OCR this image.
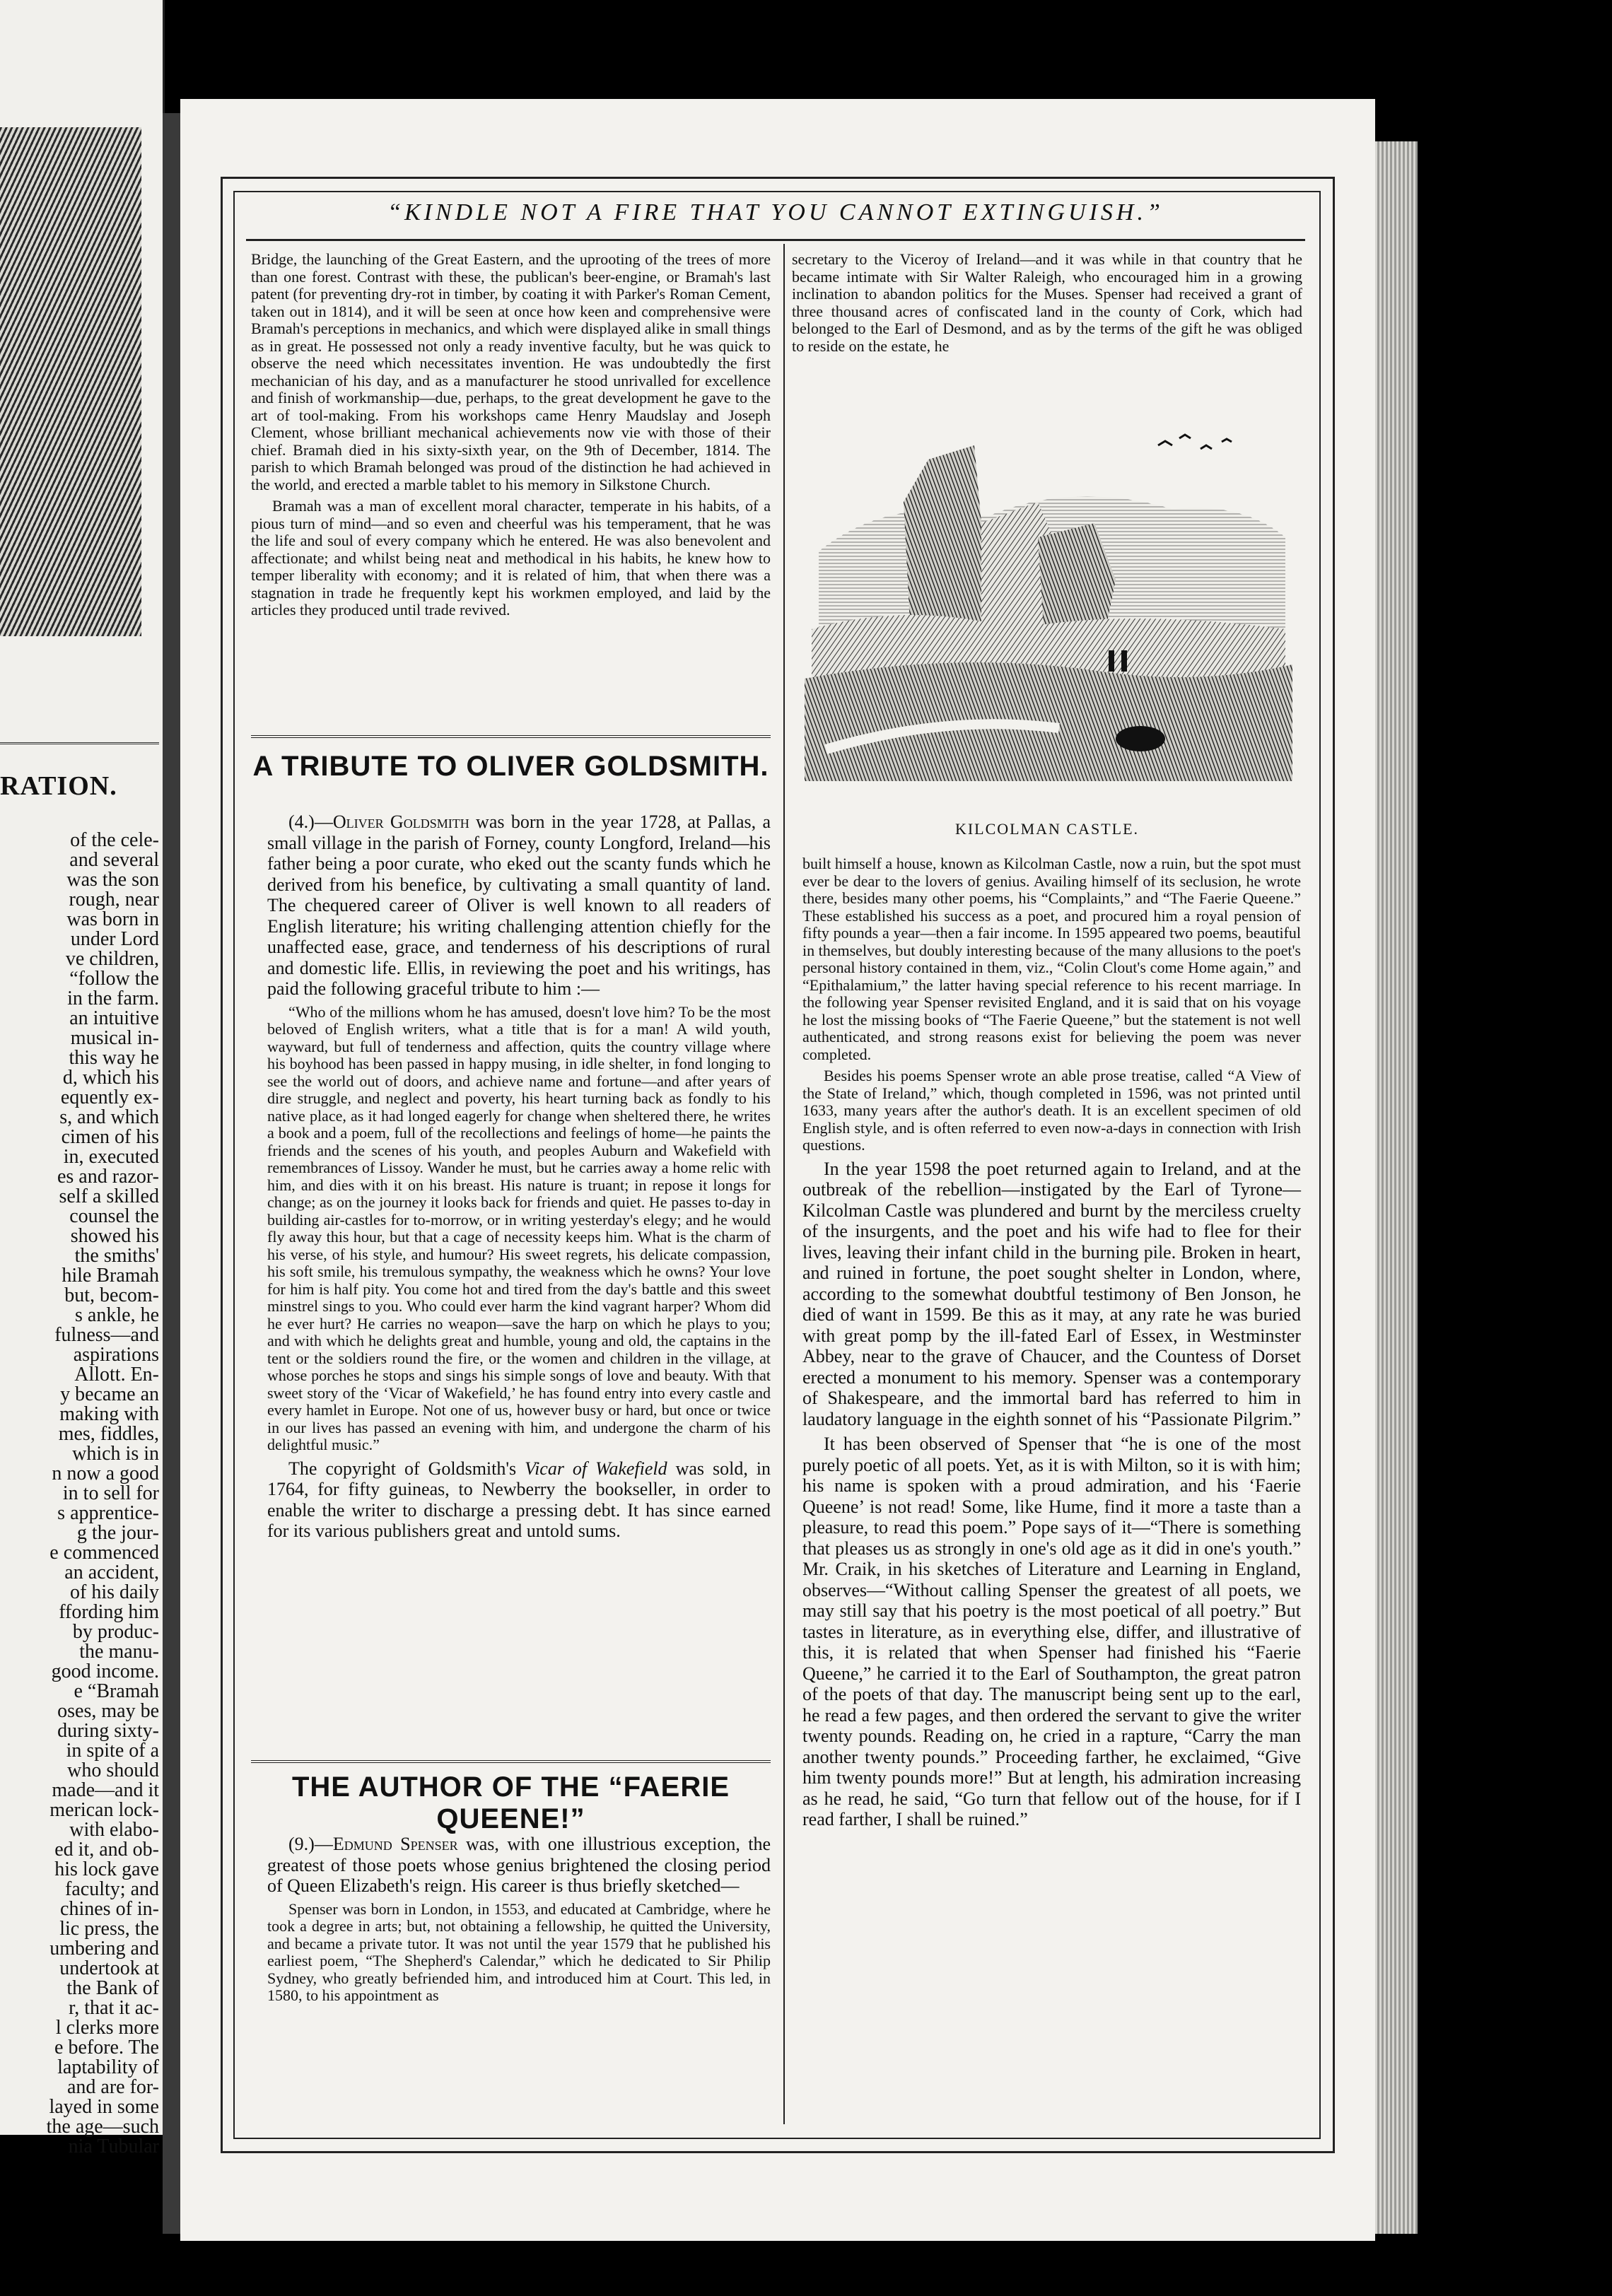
RATION.
of the cele-
and several
was the son
rough, near
was born in
under Lord
ve children,
“follow the
in the farm.
an intuitive
musical in-
this way he
d, which his
equently ex-
s, and which
cimen of his
in, executed
es and razor-
self a skilled
counsel the
showed his
the smiths'
hile Bramah
but, becom-
s ankle, he
fulness—and
aspirations
Allott. En-
y became an
making with
mes, fiddles,
which is in
n now a good
in to sell for
s apprentice-
g the jour-
e commenced
an accident,
of his daily
ffording him
by produc-
the manu-
good income.
e “Bramah
oses, may be
during sixty-
in spite of a
who should
made—and it
merican lock-
with elabo-
ed it, and ob-
his lock gave
faculty; and
chines of in-
lic press, the
umbering and
undertook at
the Bank of
r, that it ac-
l clerks more
e before. The
laptability of
and are for-
layed in some
the age—such
nia Tubular
“KINDLE NOT A FIRE THAT YOU CANNOT EXTINGUISH.”

Bridge, the launching of the Great Eastern, and the uprooting of the trees of more than one forest. Contrast with these, the publican's beer-engine, or Bramah's last patent (for preventing dry-rot in timber, by coating it with Parker's Roman Cement, taken out in 1814), and it will be seen at once how keen and comprehensive were Bramah's perceptions in mechanics, and which were displayed alike in small things as in great. He possessed not only a ready inventive faculty, but he was quick to observe the need which necessitates invention. He was undoubtedly the first mechanician of his day, and as a manufacturer he stood unrivalled for excellence and finish of workmanship—due, perhaps, to the great development he gave to the art of tool-making. From his workshops came Henry Maudslay and Joseph Clement, whose brilliant mechanical achievements now vie with those of their chief. Bramah died in his sixty-sixth year, on the 9th of December, 1814. The parish to which Bramah belonged was proud of the distinction he had achieved in the world, and erected a marble tablet to his memory in Silkstone Church.

Bramah was a man of excellent moral character, temperate in his habits, of a pious turn of mind—and so even and cheerful was his temperament, that he was the life and soul of every company which he entered. He was also benevolent and affectionate; and whilst being neat and methodical in his habits, he knew how to temper liberality with economy; and it is related of him, that when there was a stagnation in trade he frequently kept his workmen employed, and laid by the articles they produced until trade revived.

A TRIBUTE TO OLIVER GOLDSMITH.

(4.)—Oliver Goldsmith was born in the year 1728, at Pallas, a small village in the parish of Forney, county Longford, Ireland—his father being a poor curate, who eked out the scanty funds which he derived from his benefice, by cultivating a small quantity of land. The chequered career of Oliver is well known to all readers of English literature; his writing challenging attention chiefly for the unaffected ease, grace, and tenderness of his descriptions of rural and domestic life. Ellis, in reviewing the poet and his writings, has paid the following graceful tribute to him :—

“Who of the millions whom he has amused, doesn't love him? To be the most beloved of English writers, what a title that is for a man! A wild youth, wayward, but full of tenderness and affection, quits the country village where his boyhood has been passed in happy musing, in idle shelter, in fond longing to see the world out of doors, and achieve name and fortune—and after years of dire struggle, and neglect and poverty, his heart turning back as fondly to his native place, as it had longed eagerly for change when sheltered there, he writes a book and a poem, full of the recollections and feelings of home—he paints the friends and the scenes of his youth, and peoples Auburn and Wakefield with remembrances of Lissoy. Wander he must, but he carries away a home relic with him, and dies with it on his breast. His nature is truant; in repose it longs for change; as on the journey it looks back for friends and quiet. He passes to-day in building air-castles for to-morrow, or in writing yesterday's elegy; and he would fly away this hour, but that a cage of necessity keeps him. What is the charm of his verse, of his style, and humour? His sweet regrets, his delicate compassion, his soft smile, his tremulous sympathy, the weakness which he owns? Your love for him is half pity. You come hot and tired from the day's battle and this sweet minstrel sings to you. Who could ever harm the kind vagrant harper? Whom did he ever hurt? He carries no weapon—save the harp on which he plays to you; and with which he delights great and humble, young and old, the captains in the tent or the soldiers round the fire, or the women and children in the village, at whose porches he stops and sings his simple songs of love and beauty. With that sweet story of the ‘Vicar of Wakefield,’ he has found entry into every castle and every hamlet in Europe. Not one of us, however busy or hard, but once or twice in our lives has passed an evening with him, and undergone the charm of his delightful music.”

The copyright of Goldsmith's Vicar of Wakefield was sold, in 1764, for fifty guineas, to Newberry the bookseller, in order to enable the writer to discharge a pressing debt. It has since earned for its various publishers great and untold sums.

THE AUTHOR OF THE “FAERIE QUEENE!”

(9.)—Edmund Spenser was, with one illustrious exception, the greatest of those poets whose genius brightened the closing period of Queen Elizabeth's reign. His career is thus briefly sketched—

Spenser was born in London, in 1553, and educated at Cambridge, where he took a degree in arts; but, not obtaining a fellowship, he quitted the University, and became a private tutor. It was not until the year 1579 that he published his earliest poem, “The Shepherd's Calendar,” which he dedicated to Sir Philip Sydney, who greatly befriended him, and introduced him at Court. This led, in 1580, to his appointment as

secretary to the Viceroy of Ireland—and it was while in that country that he became intimate with Sir Walter Raleigh, who encouraged him in a growing inclination to abandon politics for the Muses. Spenser had received a grant of three thousand acres of confiscated land in the county of Cork, which had belonged to the Earl of Desmond, and as by the terms of the gift he was obliged to reside on the estate, he

KILCOLMAN CASTLE.

built himself a house, known as Kilcolman Castle, now a ruin, but the spot must ever be dear to the lovers of genius. Availing himself of its seclusion, he wrote there, besides many other poems, his “Complaints,” and “The Faerie Queene.” These established his success as a poet, and procured him a royal pension of fifty pounds a year—then a fair income. In 1595 appeared two poems, beautiful in themselves, but doubly interesting because of the many allusions to the poet's personal history contained in them, viz., “Colin Clout's come Home again,” and “Epithalamium,” the latter having special reference to his recent marriage. In the following year Spenser revisited England, and it is said that on his voyage he lost the missing books of “The Faerie Queene,” but the statement is not well authenticated, and strong reasons exist for believing the poem was never completed.

Besides his poems Spenser wrote an able prose treatise, called “A View of the State of Ireland,” which, though completed in 1596, was not printed until 1633, many years after the author's death. It is an excellent specimen of old English style, and is often referred to even now-a-days in connection with Irish questions.

In the year 1598 the poet returned again to Ireland, and at the outbreak of the rebellion—instigated by the Earl of Tyrone—Kilcolman Castle was plundered and burnt by the merciless cruelty of the insurgents, and the poet and his wife had to flee for their lives, leaving their infant child in the burning pile. Broken in heart, and ruined in fortune, the poet sought shelter in London, where, according to the somewhat doubtful testimony of Ben Jonson, he died of want in 1599. Be this as it may, at any rate he was buried with great pomp by the ill-fated Earl of Essex, in Westminster Abbey, near to the grave of Chaucer, and the Countess of Dorset erected a monument to his memory. Spenser was a contemporary of Shakespeare, and the immortal bard has referred to him in laudatory language in the eighth sonnet of his “Passionate Pilgrim.”

It has been observed of Spenser that “he is one of the most purely poetic of all poets. Yet, as it is with Milton, so it is with him; his name is spoken with a proud admiration, and his ‘Faerie Queene’ is not read! Some, like Hume, find it more a taste than a pleasure, to read this poem.” Pope says of it—“There is something that pleases us as strongly in one's old age as it did in one's youth.” Mr. Craik, in his sketches of Literature and Learning in England, observes—“Without calling Spenser the greatest of all poets, we may still say that his poetry is the most poetical of all poetry.” But tastes in literature, as in everything else, differ, and illustrative of this, it is related that when Spenser had finished his “Faerie Queene,” he carried it to the Earl of Southampton, the great patron of the poets of that day. The manuscript being sent up to the earl, he read a few pages, and then ordered the servant to give the writer twenty pounds. Reading on, he cried in a rapture, “Carry the man another twenty pounds.” Proceeding farther, he exclaimed, “Give him twenty pounds more!” But at length, his admiration increasing as he read, he said, “Go turn that fellow out of the house, for if I read farther, I shall be ruined.”
